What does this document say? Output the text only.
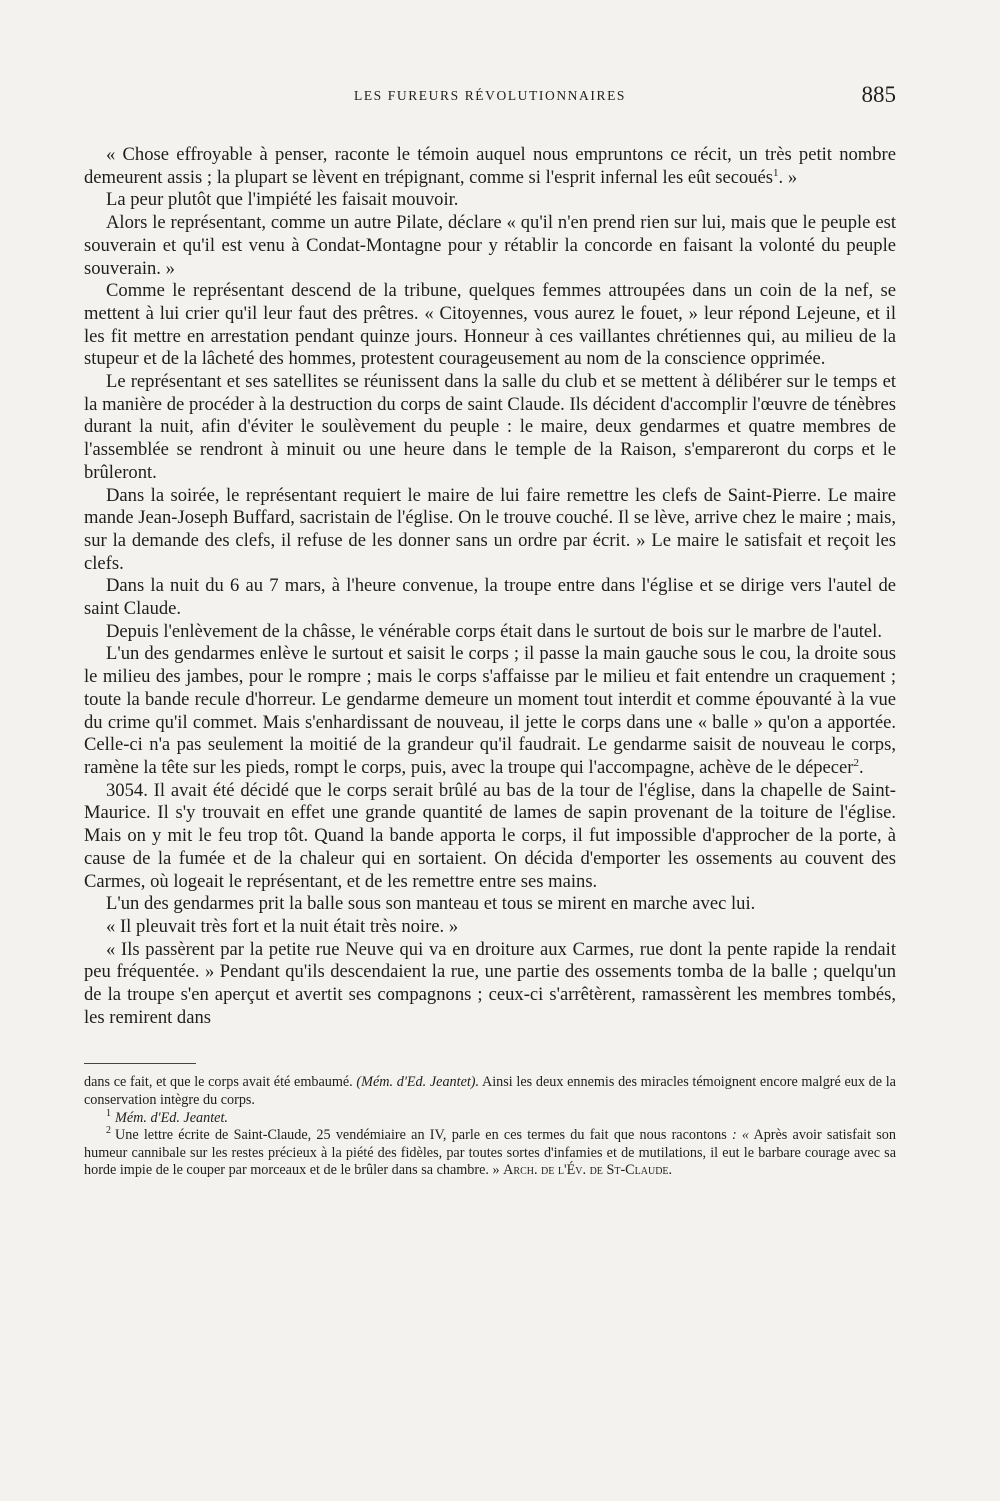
LES FUREURS RÉVOLUTIONNAIRES	885

« Chose effroyable à penser, raconte le témoin auquel nous empruntons ce récit, un très petit nombre demeurent assis ; la plupart se lèvent en trépignant, comme si l'esprit infernal les eût secoués$^1$. »

La peur plutôt que l'impiété les faisait mouvoir.

Alors le représentant, comme un autre Pilate, déclare « qu'il n'en prend rien sur lui, mais que le peuple est souverain et qu'il est venu à Condat-Montagne pour y rétablir la concorde en faisant la volonté du peuple souverain. »

Comme le représentant descend de la tribune, quelques femmes attroupées dans un coin de la nef, se mettent à lui crier qu'il leur faut des prêtres. « Citoyennes, vous aurez le fouet, » leur répond Lejeune, et il les fit mettre en arrestation pendant quinze jours. Honneur à ces vaillantes chrétiennes qui, au milieu de la stupeur et de la lâcheté des hommes, protestent courageusement au nom de la conscience opprimée.

Le représentant et ses satellites se réunissent dans la salle du club et se mettent à délibérer sur le temps et la manière de procéder à la destruction du corps de saint Claude. Ils décident d'accomplir l'œuvre de ténèbres durant la nuit, afin d'éviter le soulèvement du peuple : le maire, deux gendarmes et quatre membres de l'assemblée se rendront à minuit ou une heure dans le temple de la Raison, s'empareront du corps et le brûleront.

Dans la soirée, le représentant requiert le maire de lui faire remettre les clefs de Saint-Pierre. Le maire mande Jean-Joseph Buffard, sacristain de l'église. On le trouve couché. Il se lève, arrive chez le maire ; mais, sur la demande des clefs, il refuse de les donner sans un ordre par écrit. » Le maire le satisfait et reçoit les clefs.

Dans la nuit du 6 au 7 mars, à l'heure convenue, la troupe entre dans l'église et se dirige vers l'autel de saint Claude.

Depuis l'enlèvement de la châsse, le vénérable corps était dans le surtout de bois sur le marbre de l'autel.

L'un des gendarmes enlève le surtout et saisit le corps ; il passe la main gauche sous le cou, la droite sous le milieu des jambes, pour le rompre ; mais le corps s'affaisse par le milieu et fait entendre un craquement ; toute la bande recule d'horreur. Le gendarme demeure un moment tout interdit et comme épouvanté à la vue du crime qu'il commet. Mais s'enhardissant de nouveau, il jette le corps dans une « balle » qu'on a apportée. Celle-ci n'a pas seulement la moitié de la grandeur qu'il faudrait. Le gendarme saisit de nouveau le corps, ramène la tête sur les pieds, rompt le corps, puis, avec la troupe qui l'accompagne, achève de le dépecer$^2$.

3054. Il avait été décidé que le corps serait brûlé au bas de la tour de l'église, dans la chapelle de Saint-Maurice. Il s'y trouvait en effet une grande quantité de lames de sapin provenant de la toiture de l'église. Mais on y mit le feu trop tôt. Quand la bande apporta le corps, il fut impossible d'approcher de la porte, à cause de la fumée et de la chaleur qui en sortaient. On décida d'emporter les ossements au couvent des Carmes, où logeait le représentant, et de les remettre entre ses mains.

L'un des gendarmes prit la balle sous son manteau et tous se mirent en marche avec lui.

« Il pleuvait très fort et la nuit était très noire. »

« Ils passèrent par la petite rue Neuve qui va en droiture aux Carmes, rue dont la pente rapide la rendait peu fréquentée. » Pendant qu'ils descendaient la rue, une partie des ossements tomba de la balle ; quelqu'un de la troupe s'en aperçut et avertit ses compagnons ; ceux-ci s'arrêtèrent, ramassèrent les membres tombés, les remirent dans

dans ce fait, et que le corps avait été embaumé. (Mém. d'Ed. Jeantet). Ainsi les deux ennemis des miracles témoignent encore malgré eux de la conservation intègre du corps.

$^1$ Mém. d'Ed. Jeantet.

$^2$ Une lettre écrite de Saint-Claude, 25 vendémiaire an IV, parle en ces termes du fait que nous racontons : « Après avoir satisfait son humeur cannibale sur les restes précieux à la piété des fidèles, par toutes sortes d'infamies et de mutilations, il eut le barbare courage avec sa horde impie de le couper par morceaux et de le brûler dans sa chambre. » Arch. de l'Év. de St-Claude.
